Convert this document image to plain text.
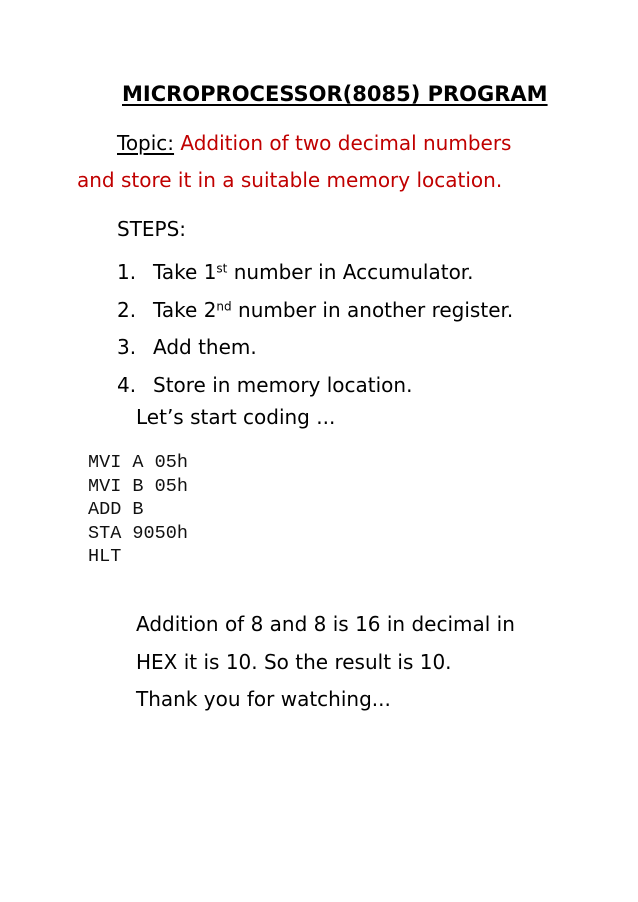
MICROPROCESSOR(8085) PROGRAM
Topic: Addition of two decimal numbers
and store it in a suitable memory location.
STEPS:
1. Take 1st number in Accumulator.
2. Take 2nd number in another register.
3. Add them.
4. Store in memory location.
Let’s start coding ...
MVI A 05h
MVI B 05h
ADD B
STA 9050h
HLT
Addition of 8 and 8 is 16 in decimal in
HEX it is 10. So the result is 10.
Thank you for watching...
